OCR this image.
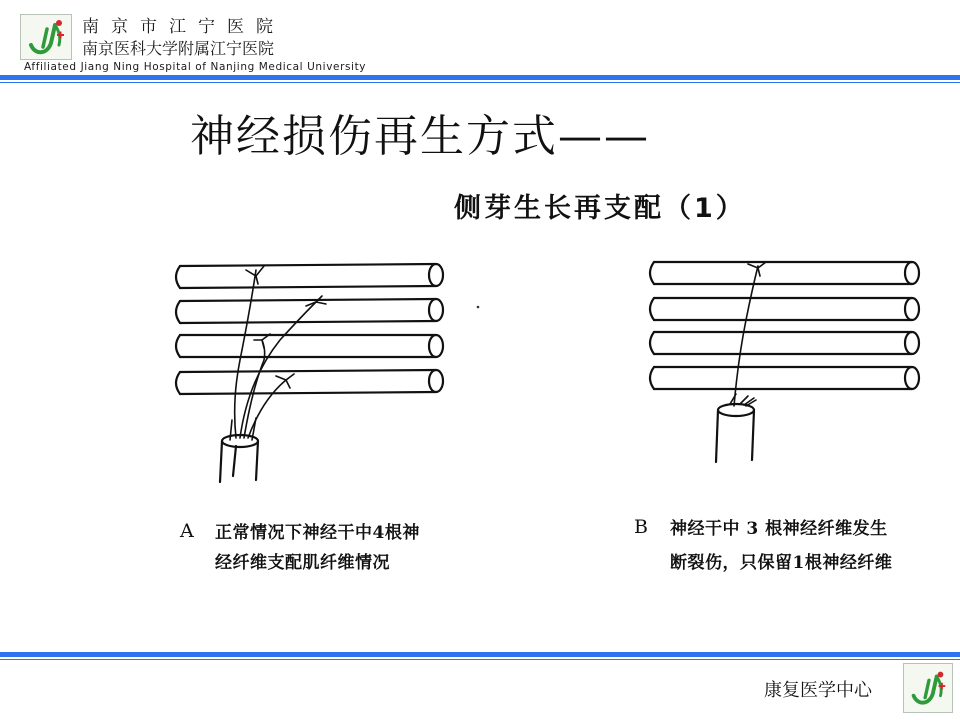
南京市江宁医院
南京医科大学附属江宁医院
Affiliated Jiang Ning Hospital of Nanjing Medical University
神经损伤再生方式——
侧芽生长再支配（1）
A 正常情况下神经干中4根神
经纤维支配肌纤维情况
B 神经干中 3 根神经纤维发生
断裂伤，只保留1根神经纤维
康复医学中心
